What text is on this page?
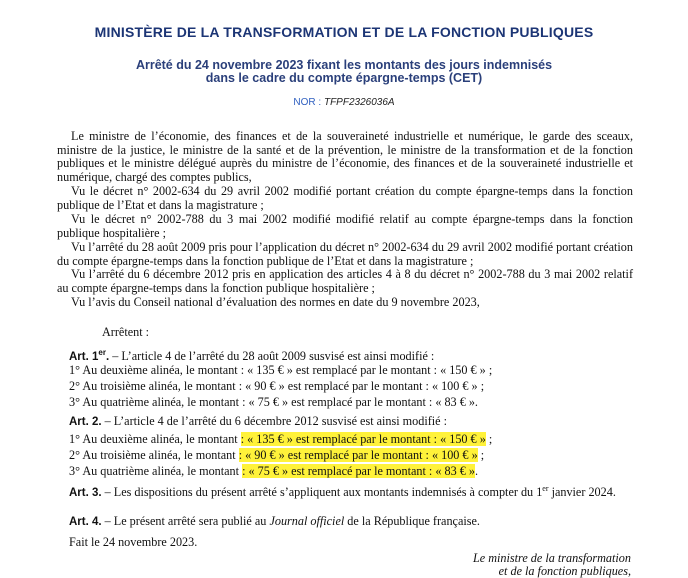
MINISTÈRE DE LA TRANSFORMATION ET DE LA FONCTION PUBLIQUES
Arrêté du 24 novembre 2023 fixant les montants des jours indemnisés
dans le cadre du compte épargne-temps (CET)
NOR : TFPF2326036A
Le ministre de l’économie, des finances et de la souveraineté industrielle et numérique, le garde des sceaux, ministre de la justice, le ministre de la santé et de la prévention, le ministre de la transformation et de la fonction publiques et le ministre délégué auprès du ministre de l’économie, des finances et de la souveraineté industrielle et numérique, chargé des comptes publics,
Vu le décret n° 2002-634 du 29 avril 2002 modifié portant création du compte épargne-temps dans la fonction publique de l’Etat et dans la magistrature ;
Vu le décret n° 2002-788 du 3 mai 2002 modifié modifié relatif au compte épargne-temps dans la fonction publique hospitalière ;
Vu l’arrêté du 28 août 2009 pris pour l’application du décret n° 2002-634 du 29 avril 2002 modifié portant création du compte épargne-temps dans la fonction publique de l’Etat et dans la magistrature ;
Vu l’arrêté du 6 décembre 2012 pris en application des articles 4 à 8 du décret n° 2002-788 du 3 mai 2002 relatif au compte épargne-temps dans la fonction publique hospitalière ;
Vu l’avis du Conseil national d’évaluation des normes en date du 9 novembre 2023,
Arrêtent :
Art. 1er. – L’article 4 de l’arrêté du 28 août 2009 susvisé est ainsi modifié :
1° Au deuxième alinéa, le montant : « 135 € » est remplacé par le montant : « 150 € » ;
2° Au troisième alinéa, le montant : « 90 € » est remplacé par le montant : « 100 € » ;
3° Au quatrième alinéa, le montant : « 75 € » est remplacé par le montant : « 83 € ».
Art. 2. – L’article 4 de l’arrêté du 6 décembre 2012 susvisé est ainsi modifié :
1° Au deuxième alinéa, le montant : « 135 € » est remplacé par le montant : « 150 € » ;
2° Au troisième alinéa, le montant : « 90 € » est remplacé par le montant : « 100 € » ;
3° Au quatrième alinéa, le montant : « 75 € » est remplacé par le montant : « 83 € ».
Art. 3. – Les dispositions du présent arrêté s’appliquent aux montants indemnisés à compter du 1er janvier 2024.
Art. 4. – Le présent arrêté sera publié au Journal officiel de la République française.
Fait le 24 novembre 2023.
Le ministre de la transformation
et de la fonction publiques,
